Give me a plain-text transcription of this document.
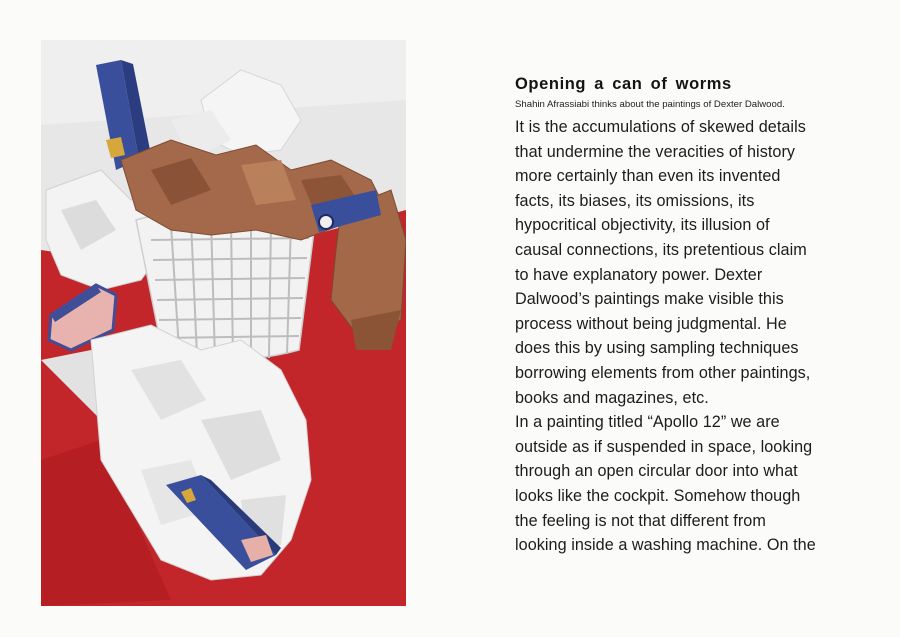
Opening a can of worms

Shahin Afrassiabi thinks about the paintings of Dexter Dalwood.

It is the accumulations of skewed details
that undermine the veracities of history
more certainly than even its invented
facts, its biases, its omissions, its
hypocritical objectivity, its illusion of
causal connections, its pretentious claim
to have explanatory power. Dexter
Dalwood’s paintings make visible this
process without being judgmental. He
does this by using sampling techniques
borrowing elements from other paintings,
books and magazines, etc.
In a painting titled “Apollo 12” we are
outside as if suspended in space, looking
through an open circular door into what
looks like the cockpit. Somehow though
the feeling is not that different from
looking inside a washing machine. On the
